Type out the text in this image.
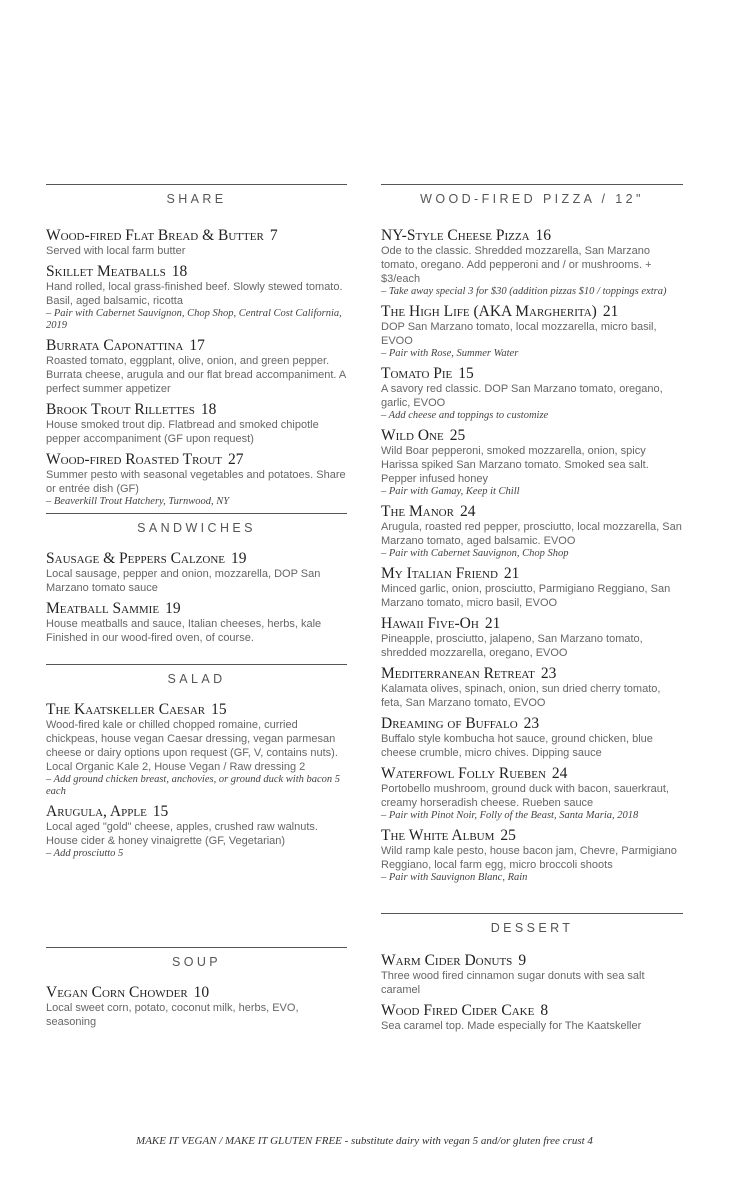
SHARE
Wood-fired Flat Bread & Butter 7
Served with local farm butter
Skillet Meatballs 18
Hand rolled, local grass-finished beef. Slowly stewed tomato. Basil, aged balsamic, ricotta
– Pair with Cabernet Sauvignon, Chop Shop, Central Cost California, 2019
Burrata Caponattina 17
Roasted tomato, eggplant, olive, onion, and green pepper. Burrata cheese, arugula and our flat bread accompaniment. A perfect summer appetizer
Brook Trout Rillettes 18
House smoked trout dip. Flatbread and smoked chipotle pepper accompaniment (GF upon request)
Wood-fired Roasted Trout 27
Summer pesto with seasonal vegetables and potatoes. Share or entrée dish (GF)
– Beaverkill Trout Hatchery, Turnwood, NY
SANDWICHES
Sausage & Peppers Calzone 19
Local sausage, pepper and onion, mozzarella, DOP San Marzano tomato sauce
Meatball Sammie 19
House meatballs and sauce, Italian cheeses, herbs, kale Finished in our wood-fired oven, of course.
SALAD
The Kaatskeller Caesar 15
Wood-fired kale or chilled chopped romaine, curried chickpeas, house vegan Caesar dressing, vegan parmesan cheese or dairy options upon request (GF, V, contains nuts). Local Organic Kale 2, House Vegan / Raw dressing 2
– Add ground chicken breast, anchovies, or ground duck with bacon 5 each
Arugula, Apple 15
Local aged "gold" cheese, apples, crushed raw walnuts. House cider & honey vinaigrette (GF, Vegetarian)
– Add prosciutto 5
SOUP
Vegan Corn Chowder 10
Local sweet corn, potato, coconut milk, herbs, EVO, seasoning
WOOD-FIRED PIZZA / 12"
NY-Style Cheese Pizza 16
Ode to the classic. Shredded mozzarella, San Marzano tomato, oregano. Add pepperoni and / or mushrooms. + $3/each
– Take away special 3 for $30 (addition pizzas $10 / toppings extra)
The High Life (AKA Margherita) 21
DOP San Marzano tomato, local mozzarella, micro basil, EVOO
– Pair with Rose, Summer Water
Tomato Pie 15
A savory red classic. DOP San Marzano tomato, oregano, garlic, EVOO
– Add cheese and toppings to customize
Wild One 25
Wild Boar pepperoni, smoked mozzarella, onion, spicy Harissa spiked San Marzano tomato. Smoked sea salt. Pepper infused honey
– Pair with Gamay, Keep it Chill
The Manor 24
Arugula, roasted red pepper, prosciutto, local mozzarella, San Marzano tomato, aged balsamic. EVOO
– Pair with Cabernet Sauvignon, Chop Shop
My Italian Friend 21
Minced garlic, onion, prosciutto, Parmigiano Reggiano, San Marzano tomato, micro basil, EVOO
Hawaii Five-Oh 21
Pineapple, prosciutto, jalapeno, San Marzano tomato, shredded mozzarella, oregano, EVOO
Mediterranean Retreat 23
Kalamata olives, spinach, onion, sun dried cherry tomato, feta, San Marzano tomato, EVOO
Dreaming of Buffalo 23
Buffalo style kombucha hot sauce, ground chicken, blue cheese crumble, micro chives. Dipping sauce
Waterfowl Folly Rueben 24
Portobello mushroom, ground duck with bacon, sauerkraut, creamy horseradish cheese. Rueben sauce
– Pair with Pinot Noir, Folly of the Beast, Santa Maria, 2018
The White Album 25
Wild ramp kale pesto, house bacon jam, Chevre, Parmigiano Reggiano, local farm egg, micro broccoli shoots
– Pair with Sauvignon Blanc, Rain
DESSERT
Warm Cider Donuts 9
Three wood fired cinnamon sugar donuts with sea salt caramel
Wood Fired Cider Cake 8
Sea caramel top. Made especially for The Kaatskeller
MAKE IT VEGAN / MAKE IT GLUTEN FREE - substitute dairy with vegan 5 and/or gluten free crust 4
